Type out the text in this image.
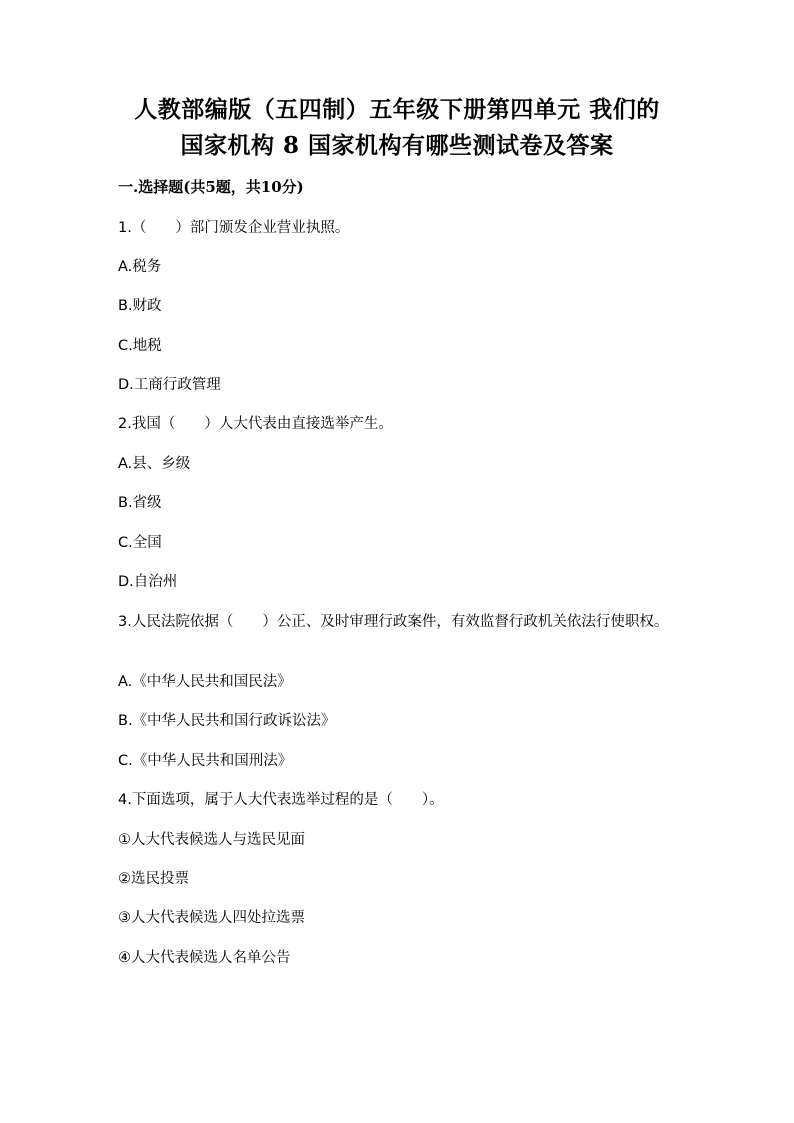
人教部编版（五四制）五年级下册第四单元 我们的
国家机构 8 国家机构有哪些测试卷及答案
一.选择题(共5题，共10分)
1.（　　）部门颁发企业营业执照。
A.税务
B.财政
C.地税
D.工商行政管理
2.我国（　　）人大代表由直接选举产生。
A.县、乡级
B.省级
C.全国
D.自治州
3.人民法院依据（　　）公正、及时审理行政案件，有效监督行政机关依法行使职权。
A.《中华人民共和国民法》
B.《中华人民共和国行政诉讼法》
C.《中华人民共和国刑法》
4.下面选项，属于人大代表选举过程的是（　　）。
①人大代表候选人与选民见面
②选民投票
③人大代表候选人四处拉选票
④人大代表候选人名单公告
